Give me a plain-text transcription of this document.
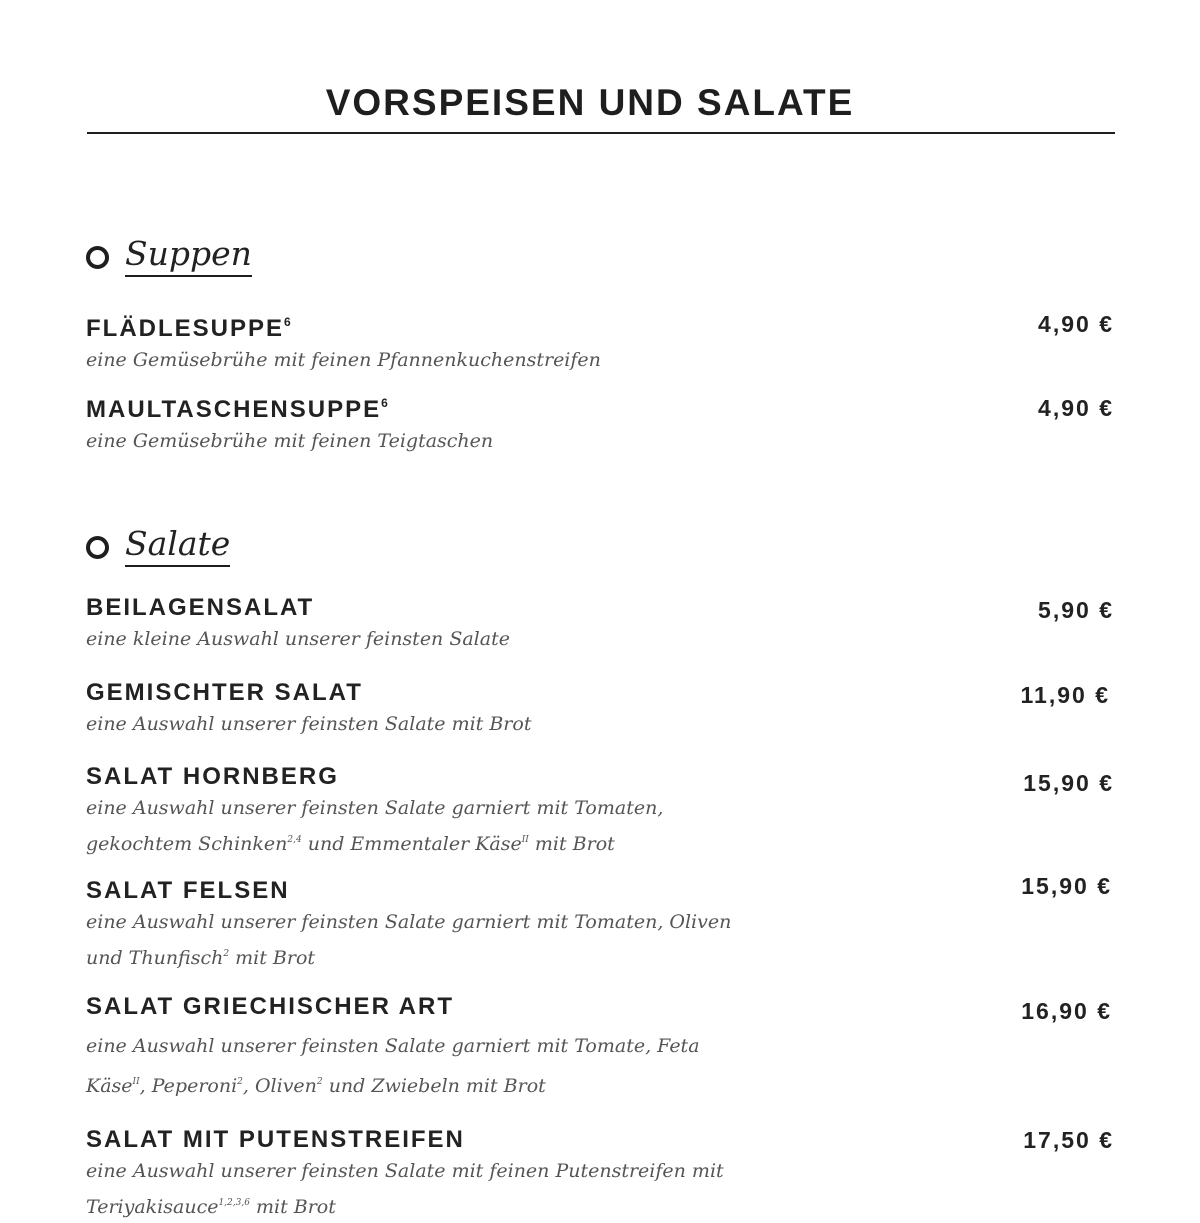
VORSPEISEN UND SALATE
Suppen
FLÄDLESUPPE$^6$
eine Gemüsebrühe mit feinen Pfannenkuchenstreifen
4,90 €
MAULTASCHENSUPPE$^6$
eine Gemüsebrühe mit feinen Teigtaschen
4,90 €
Salate
BEILAGENSALAT
eine kleine Auswahl unserer feinsten Salate
5,90 €
GEMISCHTER SALAT
eine Auswahl unserer feinsten Salate mit Brot
11,90 €
SALAT HORNBERG
eine Auswahl unserer feinsten Salate garniert mit Tomaten, gekochtem Schinken$^{2,4}$ und Emmentaler Käse$^{II}$ mit Brot
15,90 €
SALAT FELSEN
eine Auswahl unserer feinsten Salate garniert mit Tomaten, Oliven und Thunfisch$^2$ mit Brot
15,90 €
SALAT GRIECHISCHER ART
eine Auswahl unserer feinsten Salate garniert mit Tomate, Feta Käse$^{II}$, Peperoni$^2$, Oliven$^2$ und Zwiebeln mit Brot
16,90 €
SALAT MIT PUTENSTREIFEN
eine Auswahl unserer feinsten Salate mit feinen Putenstreifen mit Teriyakisauce$^{1,2,3,6}$ mit Brot
17,50 €
